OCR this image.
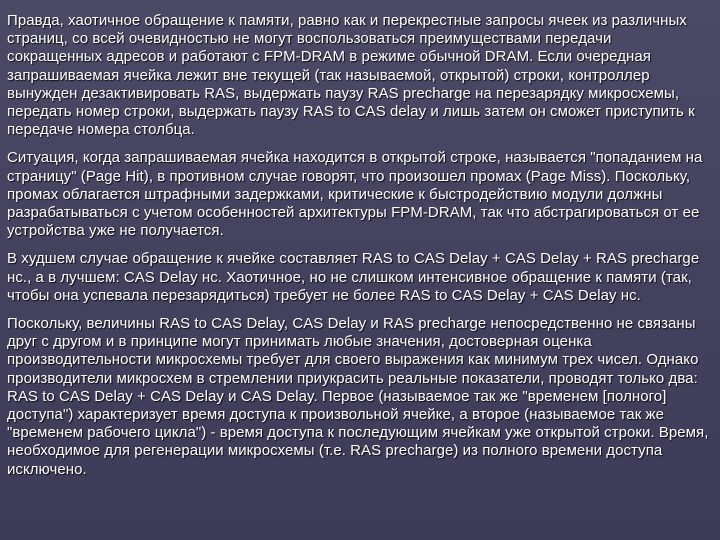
Правда, хаотичное обращение к памяти, равно как и перекрестные запросы ячеек из различных страниц, со всей очевидностью не могут воспользоваться преимуществами передачи сокращенных адресов и работают с FPM-DRAM в режиме обычной DRAM. Если очередная запрашиваемая ячейка лежит вне текущей (так называемой, открытой) строки, контроллер вынужден дезактивировать RAS, выдержать паузу RAS precharge на перезарядку микросхемы, передать номер строки, выдержать паузу RAS to CAS delay и лишь затем он сможет приступить к передаче номера столбца.

Ситуация, когда запрашиваемая ячейка находится в открытой строке, называется "попаданием на страницу" (Page Hit), в противном случае говорят, что произошел промах (Page Miss). Поскольку, промах облагается штрафными задержками, критические к быстродействию модули должны разрабатываться с учетом особенностей архитектуры FPM-DRAM, так что абстрагироваться от ее устройства уже не получается.

В худшем случае обращение к ячейке составляет RAS to CAS Delay + CAS Delay + RAS precharge нс., а в лучшем: CAS Delay нс. Хаотичное, но не слишком интенсивное обращение к памяти (так, чтобы она успевала перезарядиться) требует не более RAS to CAS Delay + CAS Delay нс.

Поскольку, величины RAS to CAS Delay, CAS Delay и RAS precharge непосредственно не связаны друг с другом и в принципе могут принимать любые значения, достоверная оценка производительности микросхемы требует для своего выражения как минимум трех чисел. Однако производители микросхем в стремлении приукрасить реальные показатели, проводят только два: RAS to CAS Delay + CAS Delay и CAS Delay. Первое (называемое так же "временем [полного] доступа") характеризует время доступа к произвольной ячейке, а второе (называемое так же "временем рабочего цикла") - время доступа к последующим ячейкам уже открытой строки. Время, необходимое для регенерации микросхемы (т.е. RAS precharge) из полного времени доступа исключено.
